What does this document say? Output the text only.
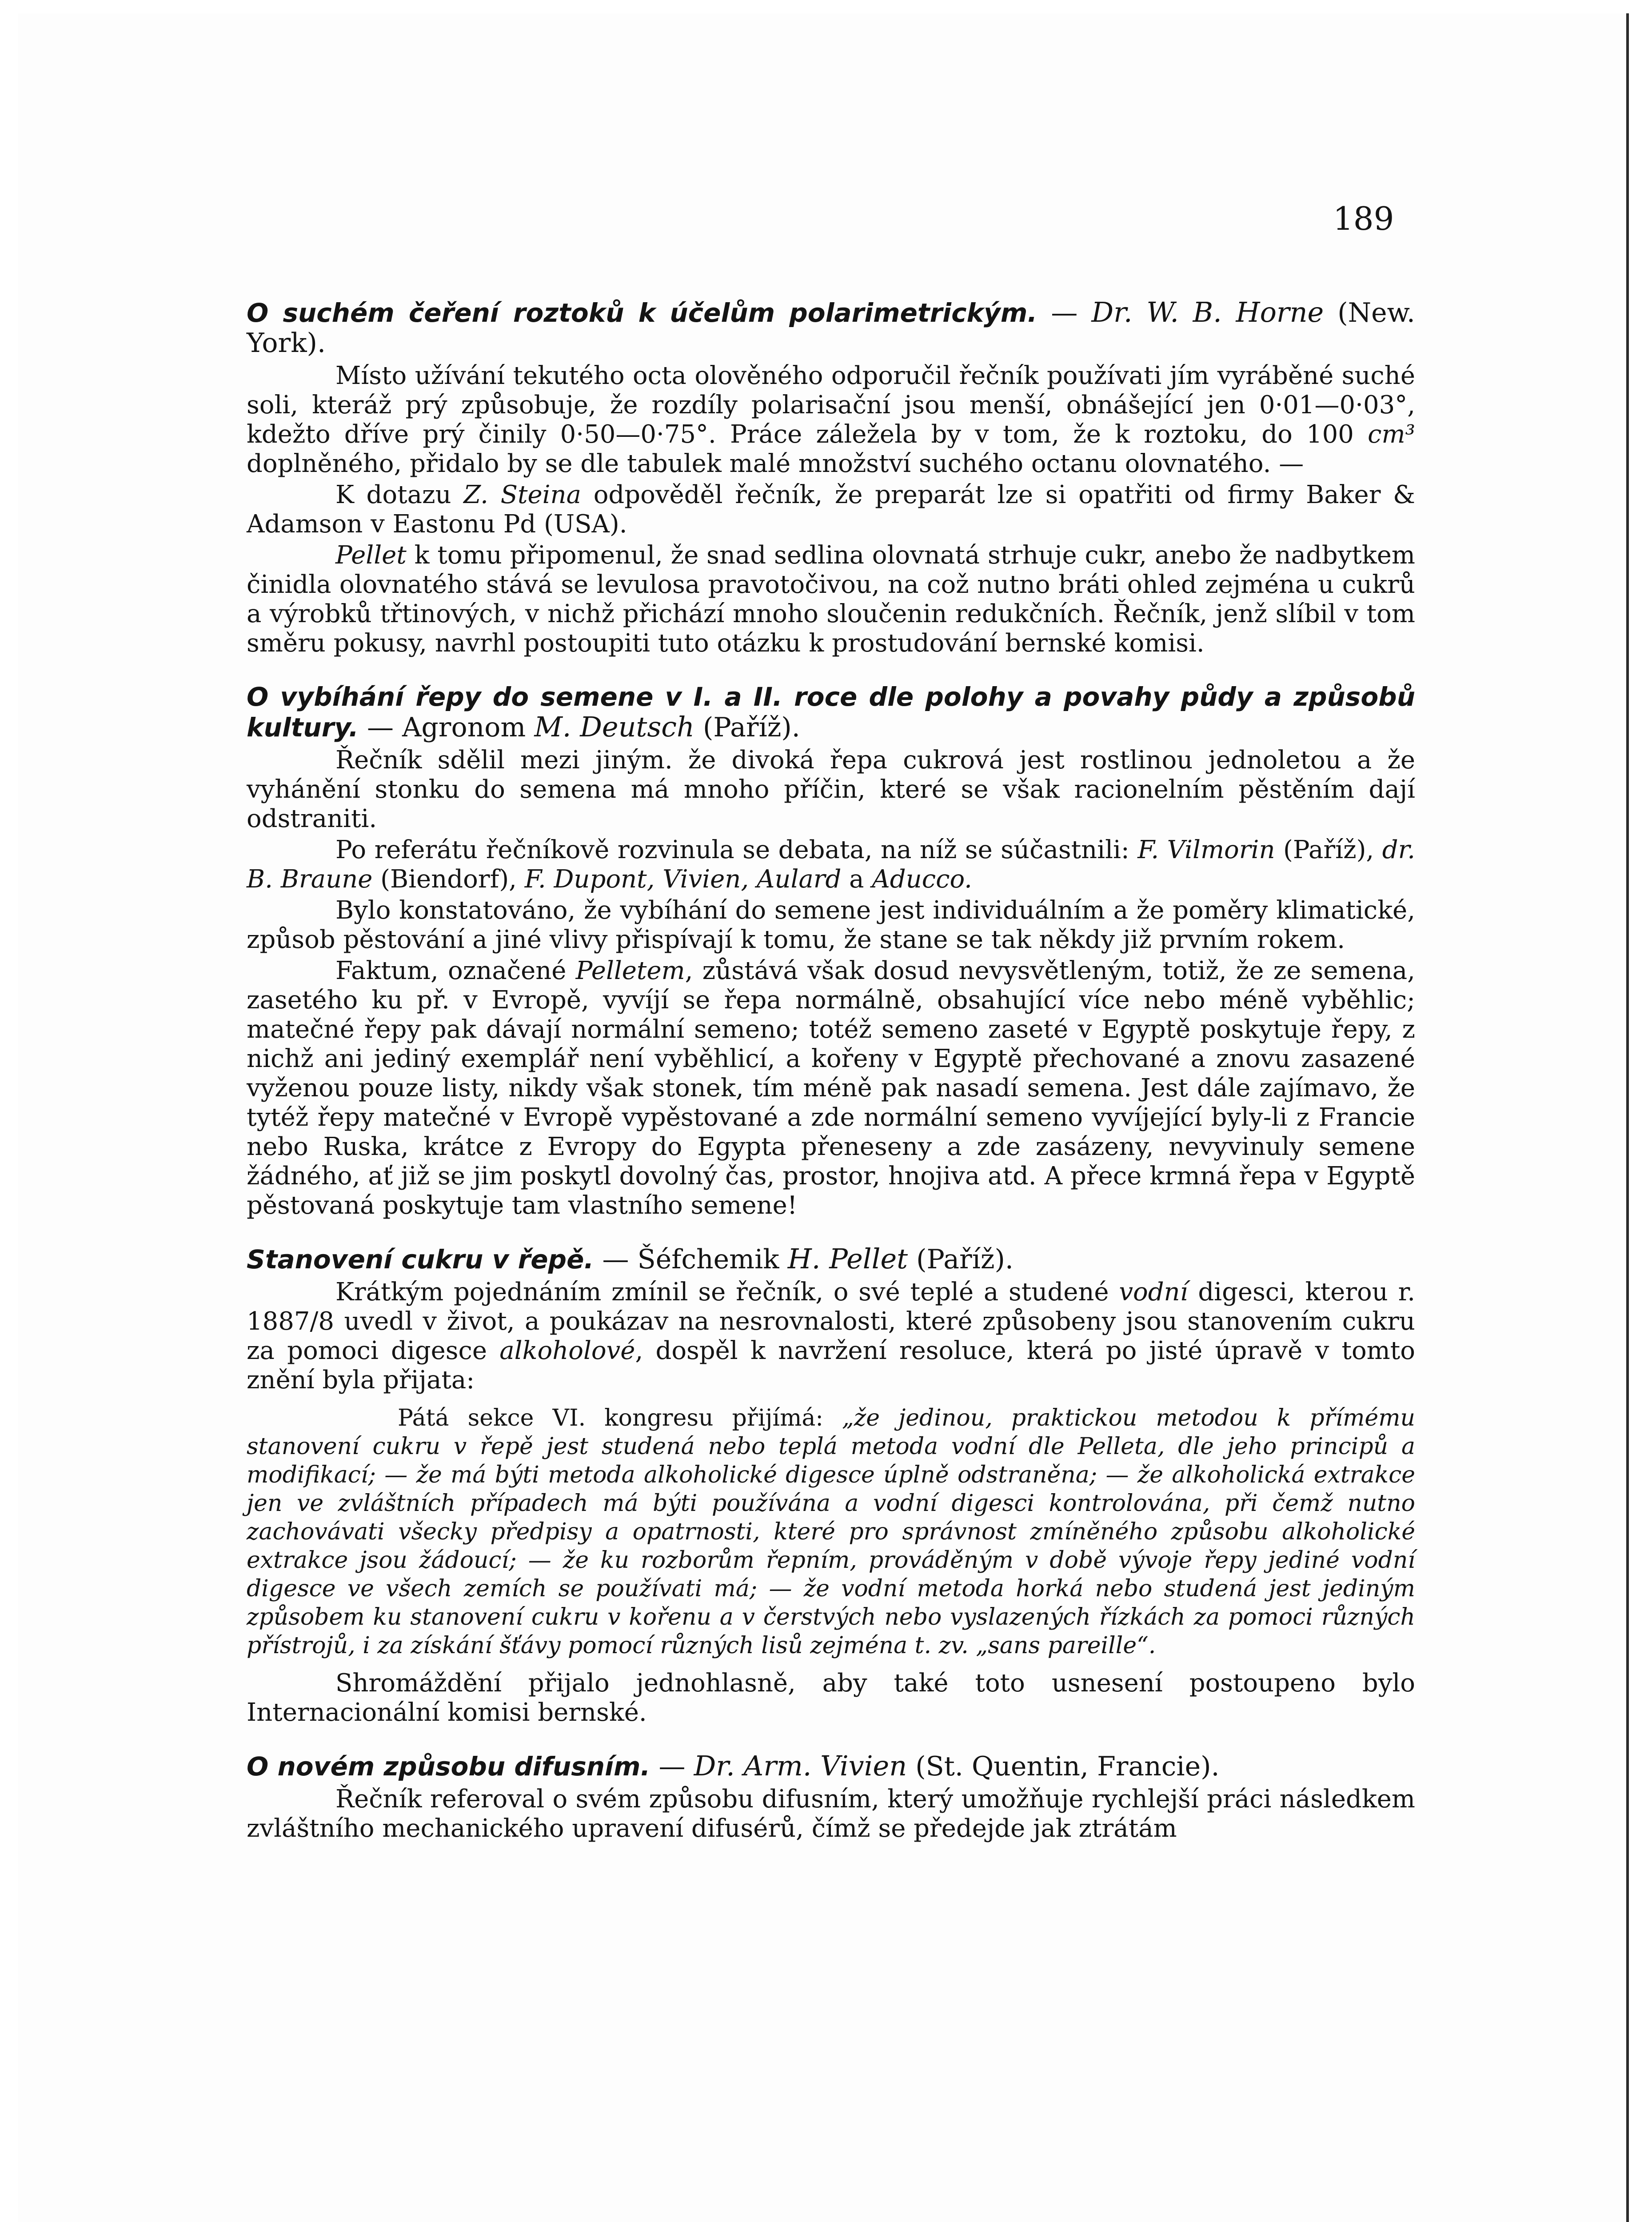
189

O suchém čeření roztoků k účelům polarimetrickým. — Dr. W. B. Horne (New. York).

Místo užívání tekutého octa olověného odporučil řečník používati jím vyráběné suché soli, kteráž prý způsobuje, že rozdíly polarisační jsou menší, obnášející jen 0·01—0·03°, kdežto dříve prý činily 0·50—0·75°. Práce záležela by v tom, že k roztoku, do 100 cm³ doplněného, přidalo by se dle tabulek malé množství suchého octanu olovnatého. —

K dotazu Z. Steina odpověděl řečník, že preparát lze si opatřiti od firmy Baker & Adamson v Eastonu Pd (USA).

Pellet k tomu připomenul, že snad sedlina olovnatá strhuje cukr, anebo že nadbytkem činidla olovnatého stává se levulosa pravotočivou, na což nutno bráti ohled zejména u cukrů a výrobků třtinových, v nichž přichází mnoho sloučenin redukčních. Řečník, jenž slíbil v tom směru pokusy, navrhl postoupiti tuto otázku k prostudování bernské komisi.

O vybíhání řepy do semene v I. a II. roce dle polohy a povahy půdy a způsobů kultury. — Agronom M. Deutsch (Paříž).

Řečník sdělil mezi jiným. že divoká řepa cukrová jest rostlinou jednoletou a že vyhánění stonku do semena má mnoho příčin, které se však racionelním pěstěním dají odstraniti.

Po referátu řečníkově rozvinula se debata, na níž se súčastnili: F. Vilmorin (Paříž), dr. B. Braune (Biendorf), F. Dupont, Vivien, Aulard a Aducco.

Bylo konstatováno, že vybíhání do semene jest individuálním a že poměry klimatické, způsob pěstování a jiné vlivy přispívají k tomu, že stane se tak někdy již prvním rokem.

Faktum, označené Pelletem, zůstává však dosud nevysvětleným, totiž, že ze semena, zasetého ku př. v Evropě, vyvíjí se řepa normálně, obsahující více nebo méně vyběhlic; matečné řepy pak dávají normální semeno; totéž semeno zaseté v Egyptě poskytuje řepy, z nichž ani jediný exemplář není vyběhlicí, a kořeny v Egyptě přechované a znovu zasazené vyženou pouze listy, nikdy však stonek, tím méně pak nasadí semena. Jest dále zajímavo, že tytéž řepy matečné v Evropě vypěstované a zde normální semeno vyvíjející byly-li z Francie nebo Ruska, krátce z Evropy do Egypta přeneseny a zde zasázeny, nevyvinuly semene žádného, ať již se jim poskytl dovolný čas, prostor, hnojiva atd. A přece krmná řepa v Egyptě pěstovaná poskytuje tam vlastního semene!

Stanovení cukru v řepě. — Šéfchemik H. Pellet (Paříž).

Krátkým pojednáním zmínil se řečník, o své teplé a studené vodní digesci, kterou r. 1887/8 uvedl v život, a poukázav na nesrovnalosti, které způsobeny jsou stanovením cukru za pomoci digesce alkoholové, dospěl k navržení resoluce, která po jisté úpravě v tomto znění byla přijata:

Pátá sekce VI. kongresu přijímá: „že jedinou, praktickou metodou k přímému stanovení cukru v řepě jest studená nebo teplá metoda vodní dle Pelleta, dle jeho principů a modifikací; — že má býti metoda alkoholické digesce úplně odstraněna; — že alkoholická extrakce jen ve zvláštních případech má býti používána a vodní digesci kontrolována, při čemž nutno zachovávati všecky předpisy a opatrnosti, které pro správnost zmíněného způsobu alkoholické extrakce jsou žádoucí; — že ku rozborům řepním, prováděným v době vývoje řepy jediné vodní digesce ve všech zemích se používati má; — že vodní metoda horká nebo studená jest jediným způsobem ku stanovení cukru v kořenu a v čerstvých nebo vyslazených řízkách za pomoci různých přístrojů, i za získání šťávy pomocí různých lisů zejména t. zv. „sans pareille“.

Shromáždění přijalo jednohlasně, aby také toto usnesení postoupeno bylo Internacionální komisi bernské.

O novém způsobu difusním. — Dr. Arm. Vivien (St. Quentin, Francie).

Řečník referoval o svém způsobu difusním, který umožňuje rychlejší práci následkem zvláštního mechanického upravení difusérů, čímž se předejde jak ztrátám
